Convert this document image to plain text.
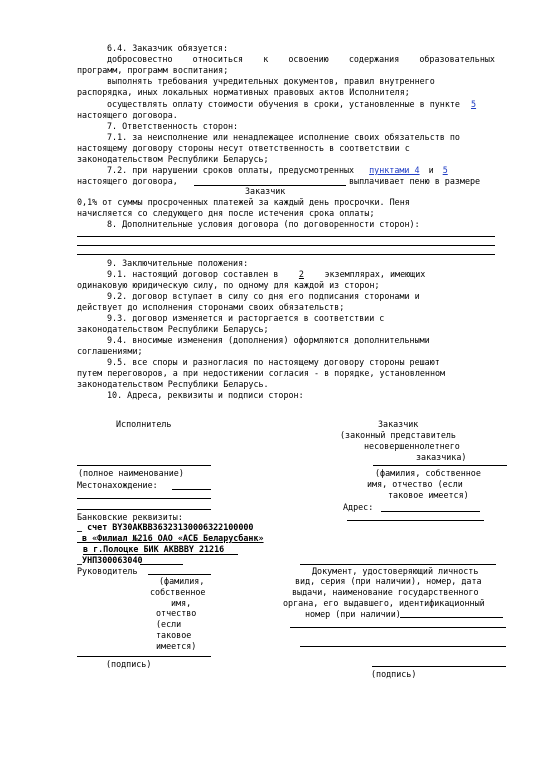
6.4. Заказчик обязуется:
добросовестно относиться к освоению содержания образовательных
программ, программ воспитания;
выполнять требования учредительных документов, правил внутреннего
распорядка, иных локальных нормативных правовых актов Исполнителя;
осуществлять оплату стоимости обучения в сроки, установленные в пункте 5
настоящего договора.
7. Ответственность сторон:
7.1. за неисполнение или ненадлежащее исполнение своих обязательств по
настоящему договору стороны несут ответственность в соответствии с
законодательством Республики Беларусь;
7.2. при нарушении сроков оплаты, предусмотренных пунктами 4 и 5
настоящего договора,	выплачивает пеню в размере
Заказчик
0,1% от суммы просроченных платежей за каждый день просрочки. Пеня
начисляется со следующего дня после истечения срока оплаты;
8. Дополнительные условия договора (по договоренности сторон):
9. Заключительные положения:
9.1. настоящий договор составлен в 2 экземплярах, имеющих
одинаковую юридическую силу, по одному для каждой из сторон;
9.2. договор вступает в силу со дня его подписания сторонами и
действует до исполнения сторонами своих обязательств;
9.3. договор изменяется и расторгается в соответствии с
законодательством Республики Беларусь;
9.4. вносимые изменения (дополнения) оформляются дополнительными
соглашениями;
9.5. все споры и разногласия по настоящему договору стороны решают
путем переговоров, а при недостижении согласия - в порядке, установленном
законодательством Республики Беларусь.
10. Адреса, реквизиты и подписи сторон:
Исполнитель	Заказчик
(законный представитель
несовершеннолетнего
заказчика)
(полное наименование)	(фамилия, собственное
Местонахождение:	имя, отчество (если
таковое имеется)
Адрес:
Банковские реквизиты:
_ счет BY30AKBB36323130006322100000
_в «Филиал №216 ОАО «АСБ Беларусбанк»
в г.Полоцке БИК AKBBBY 21216
_УНП300063040_
Руководитель
(фамилия,
собственное
имя,
отчество
(если
таковое
имеется)
Документ, удостоверяющий личность
вид, серия (при наличии), номер, дата
выдачи, наименование государственного
органа, его выдавшего, идентификационный
номер (при наличии)
(подпись)
(подпись)
